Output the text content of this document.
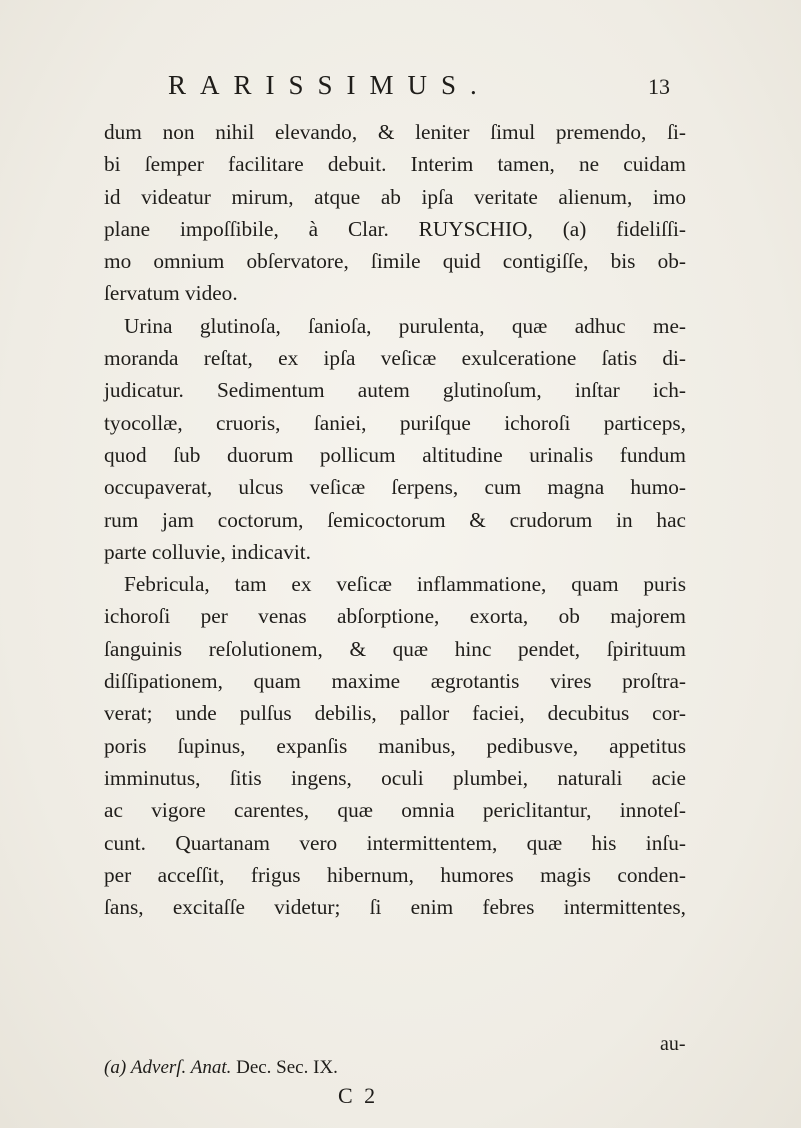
RARISSIMUS.	13
dum non nihil elevando, & leniter ſimul premendo, ſi-
bi ſemper facilitare debuit. Interim tamen, ne cuidam
id videatur mirum, atque ab ipſa veritate alienum, imo
plane impoſſibile, à Clar. RUYSCHIO, (a) fideliſſi-
mo omnium obſervatore, ſimile quid contigiſſe, bis ob-
ſervatum video.
Urina glutinoſa, ſanioſa, purulenta, quæ adhuc me-
moranda reſtat, ex ipſa veſicæ exulceratione ſatis di-
judicatur. Sedimentum autem glutinoſum, inſtar ich-
tyocollæ, cruoris, ſaniei, puriſque ichoroſi particeps,
quod ſub duorum pollicum altitudine urinalis fundum
occupaverat, ulcus veſicæ ſerpens, cum magna humo-
rum jam coctorum, ſemicoctorum & crudorum in hac
parte colluvie, indicavit.
Febricula, tam ex veſicæ inflammatione, quam puris
ichoroſi per venas abſorptione, exorta, ob majorem
ſanguinis reſolutionem, & quæ hinc pendet, ſpirituum
diſſipationem, quam maxime ægrotantis vires proſtra-
verat; unde pulſus debilis, pallor faciei, decubitus cor-
poris ſupinus, expanſis manibus, pedibusve, appetitus
imminutus, ſitis ingens, oculi plumbei, naturali acie
ac vigore carentes, quæ omnia periclitantur, innoteſ-
cunt. Quartanam vero intermittentem, quæ his inſu-
per acceſſit, frigus hibernum, humores magis conden-
ſans, excitaſſe videtur; ſi enim febres intermittentes,
au-
(a) Adverſ. Anat. Dec. Sec. IX.
C 2
